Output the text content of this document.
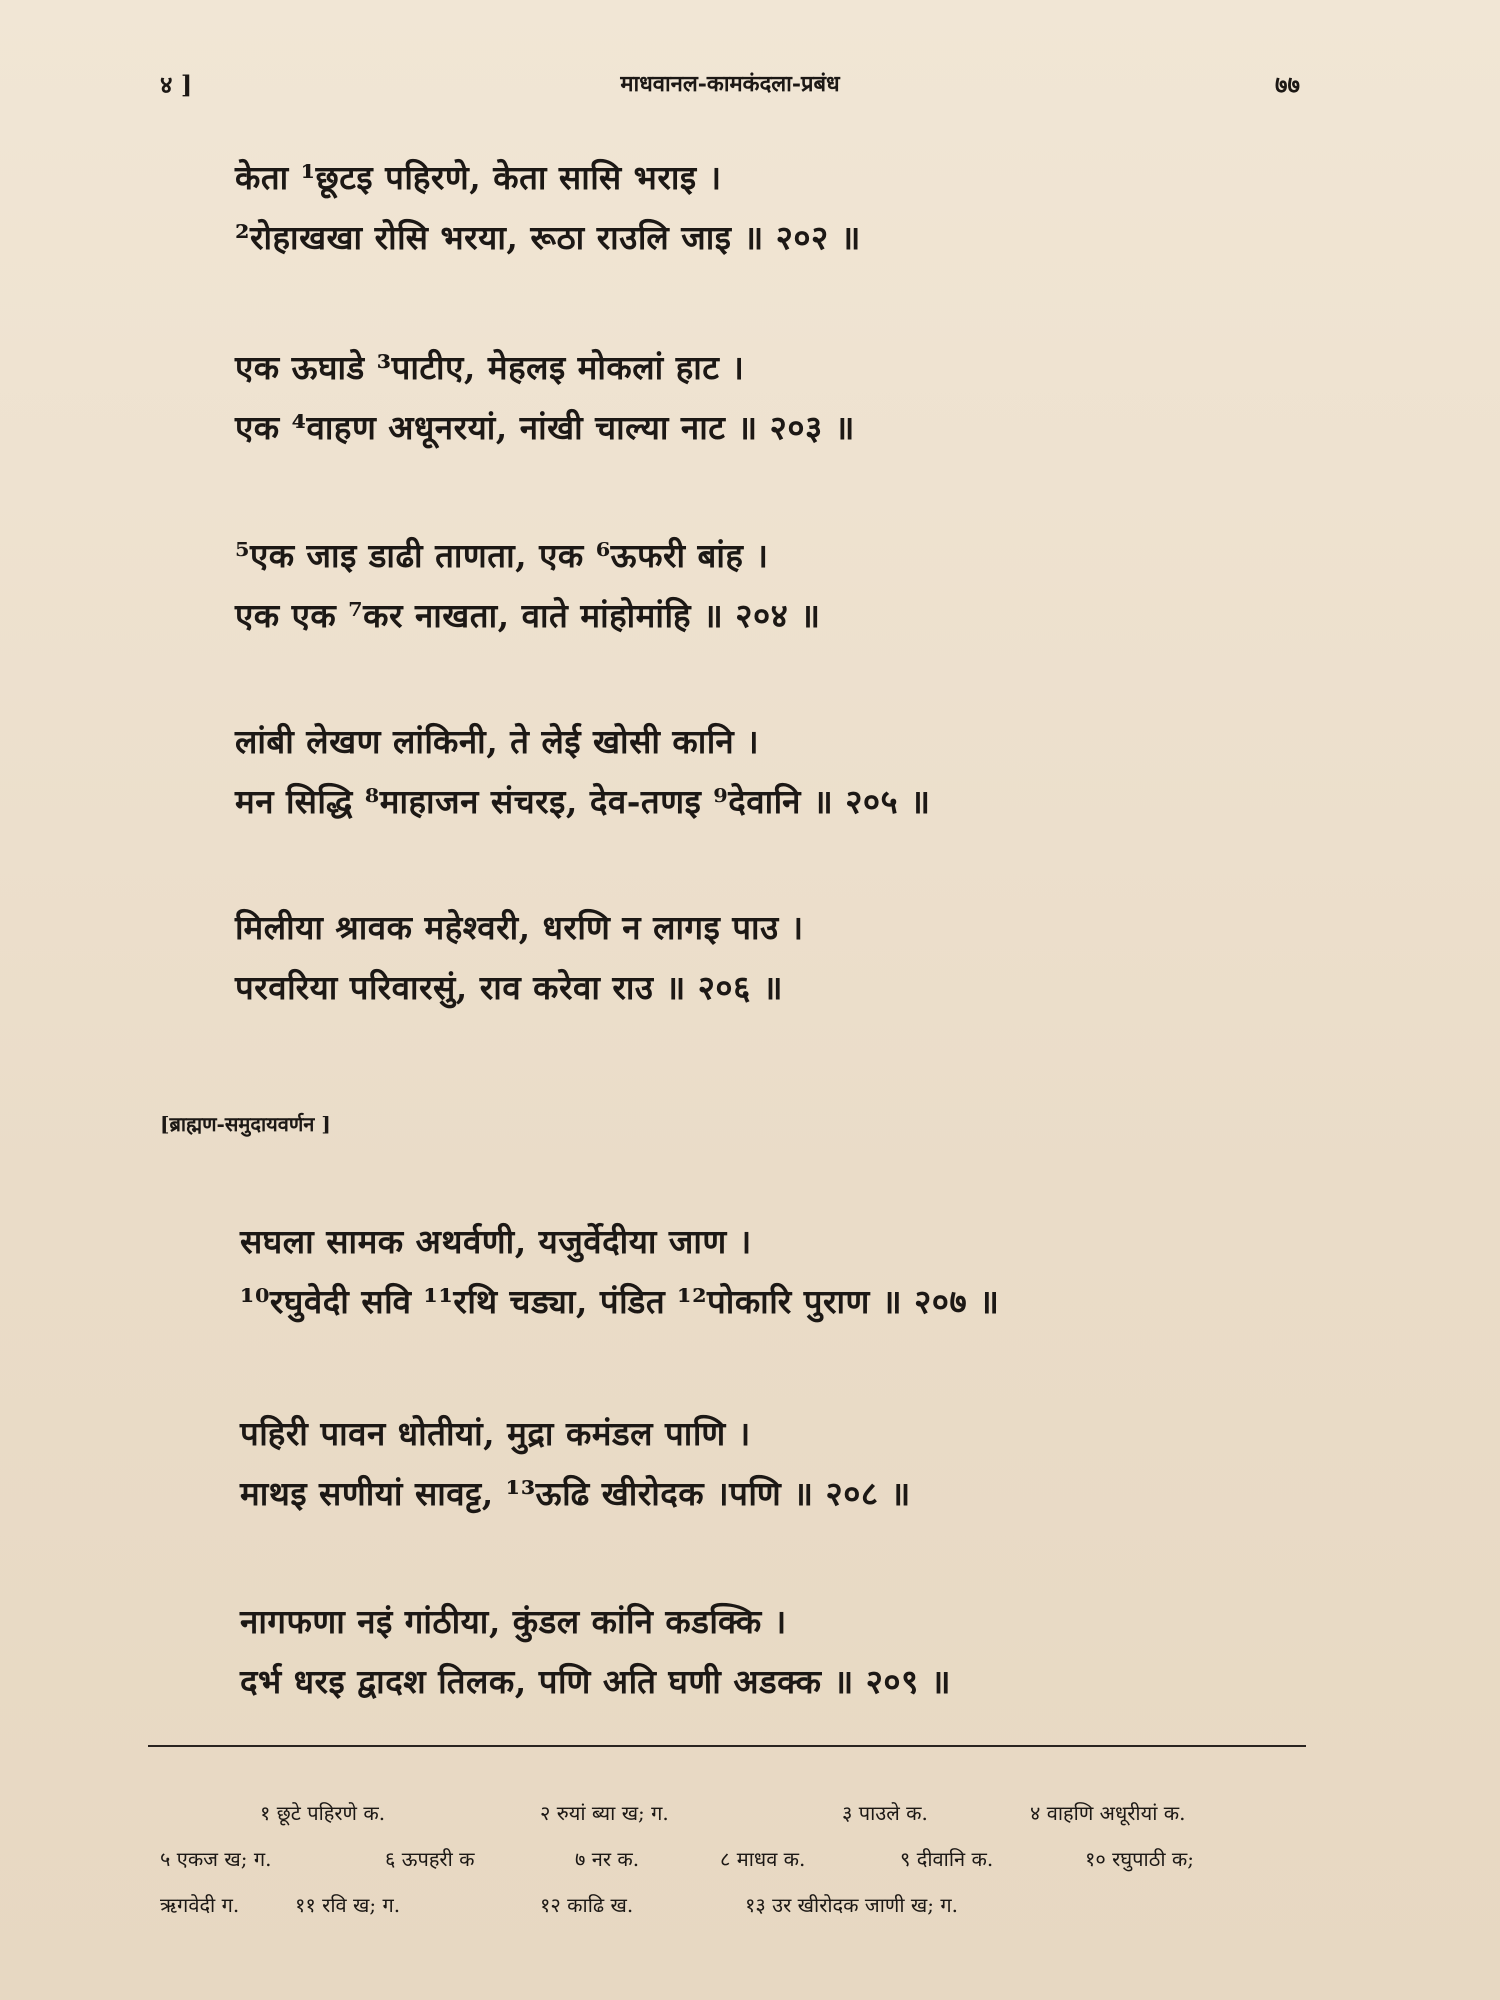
४ ]	माधवानल-कामकंदला-प्रबंध	७७
केता ¹छूटइ पहिरणे, केता सासि भराइ ।
²रोहाखखा रोसि भरया, रूठा राउलि जाइ ॥ २०२ ॥
एक ऊघाडे ³पाटीए, मेहलइ मोकलां हाट ।
एक ⁴वाहण अधूनरयां, नांखी चाल्या नाट ॥ २०३ ॥
⁵एक जाइ डाढी ताणता, एक ⁶ऊफरी बांह ।
एक एक ⁷कर नाखता, वाते मांहोमांहि ॥ २०४ ॥
लांबी लेखण लांकिनी, ते लेई खोसी कानि ।
मन सिद्धि ⁸माहाजन संचरइ, देव-तणइ ⁹देवानि ॥ २०५ ॥
मिलीया श्रावक महेश्वरी, धरणि न लागइ पाउ ।
परवरिया परिवारसुं, राव करेवा राउ ॥ २०६ ॥
[ब्राह्मण-समुदायवर्णन ]
सघला सामक अथर्वणी, यजुर्वेदीया जाण ।
¹⁰रघुवेदी सवि ¹¹रथि चड्या, पंडित ¹²पोकारि पुराण ॥ २०७ ॥
पहिरी पावन धोतीयां, मुद्रा कमंडल पाणि ।
माथइ सणीयां सावट्ट, ¹³ऊढि खीरोदक ।पणि ॥ २०८ ॥
नागफणा नइं गांठीया, कुंडल कांनि कडक्कि ।
दर्भ धरइ द्वादश तिलक, पणि अति घणी अडक्क ॥ २०९ ॥
१ छूटे पहिरणे क.	२ रुयां ब्या ख; ग.	३ पाउले क.	४ वाहणि अधूरीयां क.
५ एकज ख; ग.	६ ऊपहरी क	७ नर क.	८ माधव क.	९ दीवानि क.	१० रघुपाठी क;
ऋगवेदी ग.	११ रवि ख; ग.	१२ काढि ख.	१३ उर खीरोदक जाणी ख; ग.
